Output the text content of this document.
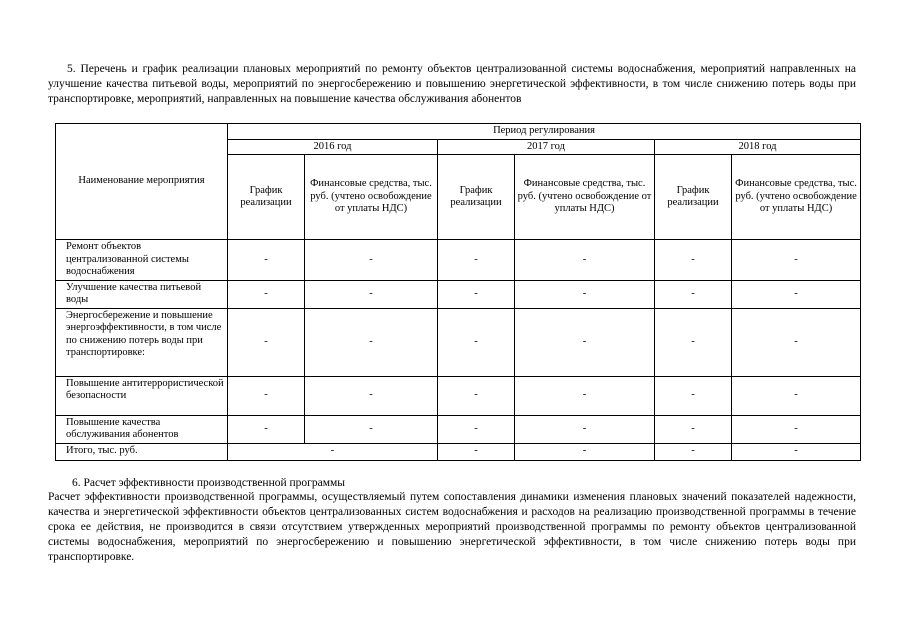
5. Перечень и график реализации плановых мероприятий по ремонту объектов централизованной системы водоснабжения, мероприятий направленных на улучшение качества питьевой воды, мероприятий по энергосбережению и повышению энергетической эффективности, в том числе снижению потерь воды при транспортировке, мероприятий, направленных на повышение качества обслуживания абонентов
Наименование мероприятия	Период регулирования					
	2016 год		2017 год		2018 год	
	График реализации	Финансовые средства, тыс. руб. (учтено освобождение от уплаты НДС)	График реализации	Финансовые средства, тыс. руб. (учтено освобождение от уплаты НДС)	График реализации	Финансовые средства, тыс. руб. (учтено освобождение от уплаты НДС)
Ремонт объектов централизованной системы водоснабжения	-	-	-	-	-	-
Улучшение качества питьевой воды	-	-	-	-	-	-
Энергосбережение и повышение энергоэффективности, в том числе по снижению потерь воды при транспортировке:	-	-	-	-	-	-
Повышение антитеррористической безопасности	-	-	-	-	-	-
Повышение качества обслуживания абонентов	-	-	-	-	-	-
Итого, тыс. руб.	-		-	-	-	-
6. Расчет эффективности производственной программы
Расчет эффективности производственной программы, осуществляемый путем сопоставления динамики изменения плановых значений показателей надежности, качества и энергетической эффективности объектов централизованных систем водоснабжения и расходов на реализацию производственной программы в течение срока ее действия, не производится в связи отсутствием утвержденных мероприятий производственной программы по ремонту объектов централизованной системы водоснабжения, мероприятий по энергосбережению и повышению энергетической эффективности, в том числе снижению потерь воды при транспортировке.
